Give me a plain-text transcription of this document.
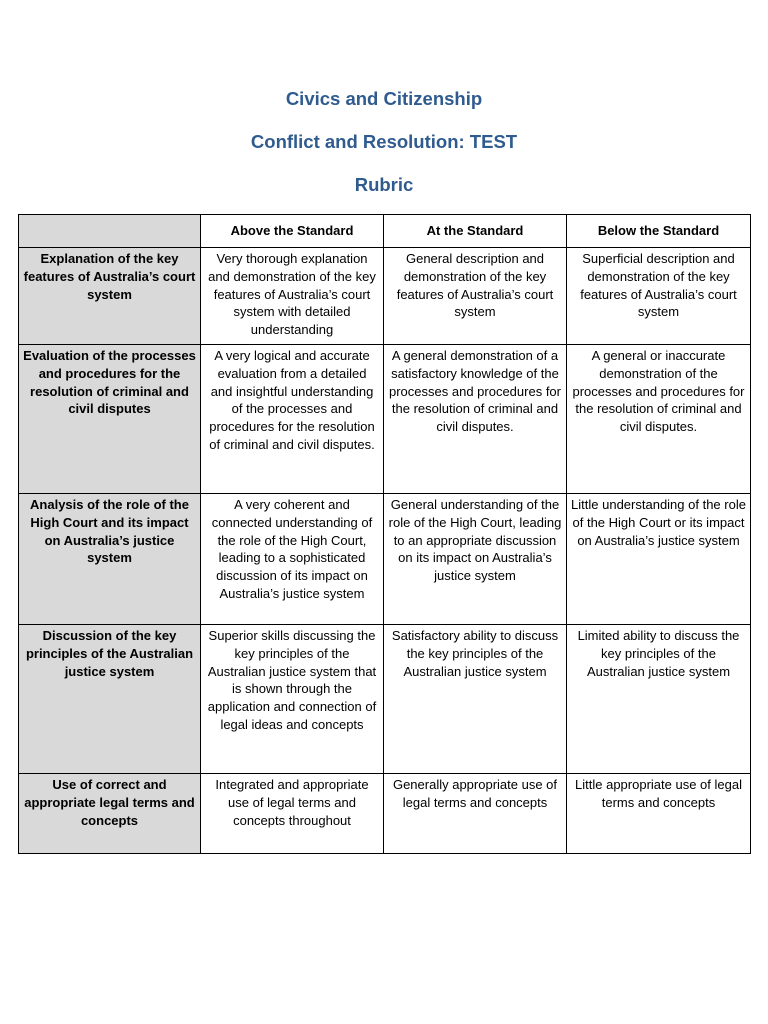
Civics and Citizenship
Conflict and Resolution: TEST
Rubric
	Above the Standard	At the Standard	Below the Standard
Explanation of the key features of Australia’s court system	Very thorough explanation and demonstration of the key features of Australia’s court system with detailed understanding	General description and demonstration of the key features of Australia’s court system	Superficial description and demonstration of the key features of Australia’s court system
Evaluation of the processes and procedures for the resolution of criminal and civil disputes	A very logical and accurate evaluation from a detailed and insightful understanding of the processes and procedures for the resolution of criminal and civil disputes.	A general demonstration of a satisfactory knowledge of the processes and procedures for the resolution of criminal and civil disputes.	A general or inaccurate demonstration of the processes and procedures for the resolution of criminal and civil disputes.
Analysis of the role of the High Court and its impact on Australia’s justice system	A very coherent and connected understanding of the role of the High Court, leading to a sophisticated discussion of its impact on Australia’s justice system	General understanding of the role of the High Court, leading to an appropriate discussion on its impact on Australia’s justice system	Little understanding of the role of the High Court or its impact on Australia’s justice system
Discussion of the key principles of the Australian justice system	Superior skills discussing the key principles of the Australian justice system that is shown through the application and connection of legal ideas and concepts	Satisfactory ability to discuss the key principles of the Australian justice system	Limited ability to discuss the key principles of the Australian justice system
Use of correct and appropriate legal terms and concepts	Integrated and appropriate use of legal terms and concepts throughout	Generally appropriate use of legal terms and concepts	Little appropriate use of legal terms and concepts
